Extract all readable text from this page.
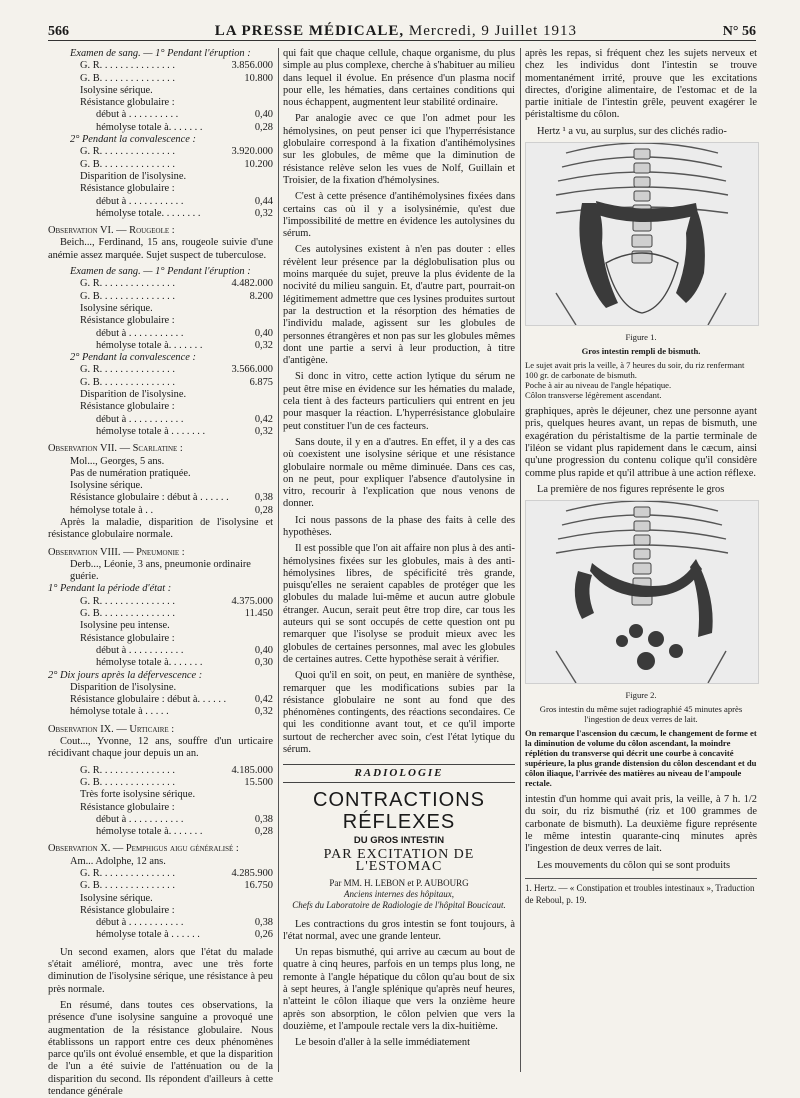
566	LA PRESSE MÉDICALE, Mercredi, 9 Juillet 1913	N° 56
Examen de sang. — 1° Pendant l'éruption :
G. R. . . . . . . . . . . . . . .	3.856.000
G. B. . . . . . . . . . . . . . .	10.800
Isolysine sérique.
Résistance globulaire :
début à . . . . . . . . . .	0,40
hémolyse totale à. . . . . . .	0,28
2° Pendant la convalescence :
G. R. . . . . . . . . . . . . . .	3.920.000
G. B. . . . . . . . . . . . . . .	10.200
Disparition de l'isolysine.
Résistance globulaire :
début à . . . . . . . . . . .	0,44
hémolyse totale. . . . . . . .	0,32
Observation VI. — Rougeole :

Beich..., Ferdinand, 15 ans, rougeole suivie d'une anémie assez marquée. Sujet suspect de tuberculose.

Examen de sang. — 1° Pendant l'éruption :
G. R. . . . . . . . . . . . . . .	4.482.000
G. B. . . . . . . . . . . . . . .	8.200
Isolysine sérique.
Résistance globulaire :
début à . . . . . . . . . . .	0,40
hémolyse totale à. . . . . . .	0,32
2° Pendant la convalescence :
G. R. . . . . . . . . . . . . . .	3.566.000
G. B. . . . . . . . . . . . . . .	6.875
Disparition de l'isolysine.
Résistance globulaire :
début à . . . . . . . . . . .	0,42
hémolyse totale à . . . . . . .	0,32
Observation VII. — Scarlatine :
Mol..., Georges, 5 ans.
Pas de numération pratiquée.
Isolysine sérique.
Résistance globulaire : début à . . . . . .	0,38
hémolyse totale à . .	0,28

Après la maladie, disparition de l'isolysine et résistance globulaire normale.

Observation VIII. — Pneumonie :
Derb..., Léonie, 3 ans, pneumonie ordinaire guérie.
1° Pendant la période d'état :
G. R. . . . . . . . . . . . . . .	4.375.000
G. B. . . . . . . . . . . . . . .	11.450
Isolysine peu intense.
Résistance globulaire :
début à . . . . . . . . . . .	0,40
hémolyse totale à. . . . . . .	0,30
2° Dix jours après la défervescence :
Disparition de l'isolysine.
Résistance globulaire : début à. . . . . .	0,42
hémolyse totale à . . . . .	0,32
Observation IX. — Urticaire :

Cout..., Yvonne, 12 ans, souffre d'un urticaire récidivant chaque jour depuis un an.

G. R. . . . . . . . . . . . . . .	4.185.000
G. B. . . . . . . . . . . . . . .	15.500
Très forte isolysine sérique.
Résistance globulaire :
début à . . . . . . . . . . .	0,38
hémolyse totale à. . . . . . .	0,28
Observation X. — Pemphigus aigu généralisé :
Am... Adolphe, 12 ans.
G. R. . . . . . . . . . . . . . .	4.285.900
G. B. . . . . . . . . . . . . . .	16.750
Isolysine sérique.
Résistance globulaire :
début à . . . . . . . . . . .	0,38
hémolyse totale à . . . . . .	0,26

Un second examen, alors que l'état du malade s'était amélioré, montra, avec une très forte diminution de l'isolysine sérique, une résistance à peu près normale.

En résumé, dans toutes ces observations, la présence d'une isolysine sanguine a provoqué une augmentation de la résistance globulaire. Nous établissons un rapport entre ces deux phénomènes parce qu'ils ont évolué ensemble, et que la disparition de l'un a été suivie de l'atténuation ou de la disparition du second. Ils répondent d'ailleurs à cette tendance générale

qui fait que chaque cellule, chaque organisme, du plus simple au plus complexe, cherche à s'habituer au milieu dans lequel il évolue. En présence d'un plasma nocif pour elle, les hématies, dans certaines conditions qui nous échappent, augmentent leur stabilité ordinaire.

Par analogie avec ce que l'on admet pour les hémolysines, on peut penser ici que l'hyperrésistance globulaire correspond à la fixation d'antihémolysines sur les globules, de même que la diminution de résistance relève selon les vues de Nolf, Guillain et Troisier, de la fixation d'hémolysines.

C'est à cette présence d'antihémolysines fixées dans certains cas où il y a isolysinémie, qu'est due l'impossibilité de mettre en évidence les autolysines du sérum.

Ces autolysines existent à n'en pas douter : elles révèlent leur présence par la déglobulisation plus ou moins marquée du sujet, preuve la plus évidente de la nocivité du milieu sanguin. Et, d'autre part, pourrait-on légitimement admettre que ces lysines produites surtout par la destruction et la résorption des hématies de l'individu malade, agissent sur les globules de personnes étrangères et non pas sur les globules mêmes dont une partie a servi à leur production, à titre d'antigène.

Si donc in vitro, cette action lytique du sérum ne peut être mise en évidence sur les hématies du malade, cela tient à des facteurs particuliers qui entrent en jeu pour masquer la réaction. L'hyperrésistance globulaire peut constituer l'un de ces facteurs.

Sans doute, il y en a d'autres. En effet, il y a des cas où coexistent une isolysine sérique et une résistance globulaire normale ou même diminuée. Dans ces cas, on ne peut, pour expliquer l'absence d'autolysine in vitro, recourir à l'explication que nous venons de donner.

Ici nous passons de la phase des faits à celle des hypothèses.

Il est possible que l'on ait affaire non plus à des anti-hémolysines fixées sur les globules, mais à des anti-hémolysines libres, de spécificité très grande, puisqu'elles ne seraient capables de protéger que les globules du malade lui-même et aucun autre globule étranger. Aucun, serait peut être trop dire, car tous les auteurs qui se sont occupés de cette question ont pu remarquer que l'isolyse se produit mieux avec les globules de certaines personnes, mal avec les globules de certaines autres. Cette hypothèse serait à vérifier.

Quoi qu'il en soit, on peut, en manière de synthèse, remarquer que les modifications subies par la résistance globulaire ne sont au fond que des phénomènes contingents, des réactions secondaires. Ce qui les conditionne avant tout, et ce qu'il importe surtout de rechercher avec soin, c'est l'état lytique du sérum.

RADIOLOGIE
CONTRACTIONS RÉFLEXES
DU GROS INTESTIN
PAR EXCITATION DE L'ESTOMAC
Par MM. H. LEBON et P. AUBOURG
Anciens internes des hôpitaux,
Chefs du Laboratoire de Radiologie de l'hôpital Boucicaut.

Les contractions du gros intestin se font toujours, à l'état normal, avec une grande lenteur.

Un repas bismuthé, qui arrive au cæcum au bout de quatre à cinq heures, parfois en un temps plus long, ne remonte à l'angle hépatique du côlon qu'au bout de six à sept heures, à l'angle splénique qu'après neuf heures, n'atteint le côlon iliaque que vers la onzième heure après son absorption, le côlon pelvien que vers la douzième, et l'ampoule rectale vers la dix-huitième.

Le besoin d'aller à la selle immédiatement

après les repas, si fréquent chez les sujets nerveux et chez les individus dont l'intestin se trouve momentanément irrité, prouve que les excitations directes, d'origine alimentaire, de l'estomac et de la partie initiale de l'intestin grêle, peuvent exagérer le péristaltisme du côlon.

Hertz ¹ a vu, au surplus, sur des clichés radio-

Figure 1.
Gros intestin rempli de bismuth.
Le sujet avait pris la veille, à 7 heures du soir, du riz renfermant 100 gr. de carbonate de bismuth.
Poche à air au niveau de l'angle hépatique.
Côlon transverse légèrement ascendant.

graphiques, après le déjeuner, chez une personne ayant pris, quelques heures avant, un repas de bismuth, une exagération du péristaltisme de la partie terminale de l'iléon se vidant plus rapidement dans le cæcum, ainsi qu'une progression du contenu colique qu'il considère comme plus rapide et qu'il attribue à une action réflexe.

La première de nos figures représente le gros

Figure 2.
Gros intestin du même sujet radiographié 45 minutes après l'ingestion de deux verres de lait.
On remarque l'ascension du cæcum, le changement de forme et la diminution de volume du côlon ascendant, la moindre réplétion du transverse qui décrit une courbe à concavité supérieure, la plus grande distension du côlon descendant et du côlon iliaque, l'arrivée des matières au niveau de l'ampoule rectale.

intestin d'un homme qui avait pris, la veille, à 7 h. 1/2 du soir, du riz bismuthé (riz et 100 grammes de carbonate de bismuth). La deuxième figure représente le même intestin quarante-cinq minutes après l'ingestion de deux verres de lait.

Les mouvements du côlon qui se sont produits

1. Hertz. — « Constipation et troubles intestinaux », Traduction de Reboul, p. 19.
